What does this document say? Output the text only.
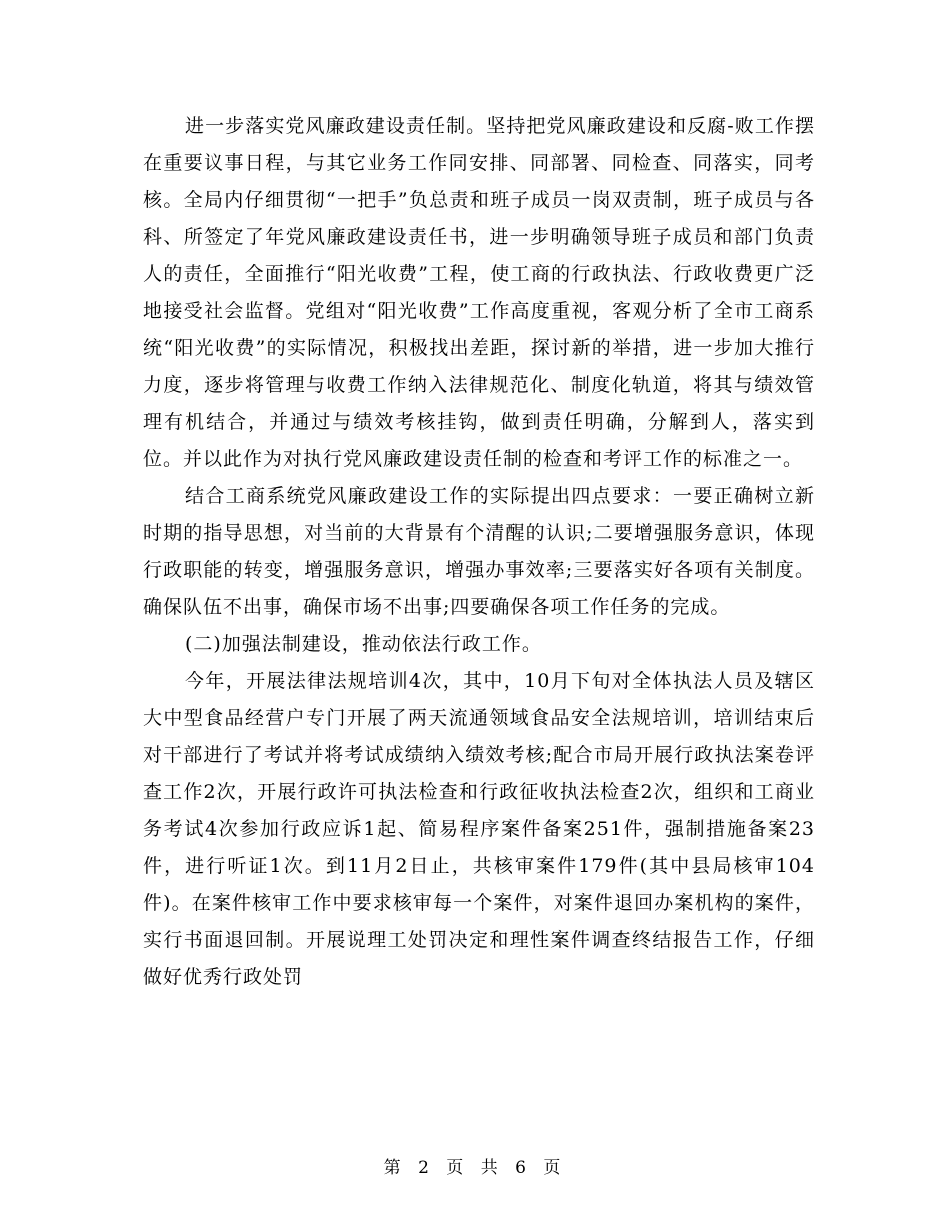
进一步落实党风廉政建设责任制。坚持把党风廉政建设和反腐-败工作摆在重要议事日程，与其它业务工作同安排、同部署、同检查、同落实，同考核。全局内仔细贯彻“一把手”负总责和班子成员一岗双责制，班子成员与各科、所签定了年党风廉政建设责任书，进一步明确领导班子成员和部门负责人的责任，全面推行“阳光收费”工程，使工商的行政执法、行政收费更广泛地接受社会监督。党组对“阳光收费”工作高度重视，客观分析了全市工商系统“阳光收费”的实际情况，积极找出差距，探讨新的举措，进一步加大推行力度，逐步将管理与收费工作纳入法律规范化、制度化轨道，将其与绩效管理有机结合，并通过与绩效考核挂钩，做到责任明确，分解到人，落实到位。并以此作为对执行党风廉政建设责任制的检查和考评工作的标准之一。

结合工商系统党风廉政建设工作的实际提出四点要求：一要正确树立新时期的指导思想，对当前的大背景有个清醒的认识;二要增强服务意识，体现行政职能的转变，增强服务意识，增强办事效率;三要落实好各项有关制度。确保队伍不出事，确保市场不出事;四要确保各项工作任务的完成。

(二)加强法制建设，推动依法行政工作。

今年，开展法律法规培训4次，其中，10月下旬对全体执法人员及辖区大中型食品经营户专门开展了两天流通领域食品安全法规培训，培训结束后对干部进行了考试并将考试成绩纳入绩效考核;配合市局开展行政执法案卷评查工作2次，开展行政许可执法检查和行政征收执法检查2次，组织和工商业务考试4次参加行政应诉1起、简易程序案件备案251件，强制措施备案23件，进行听证1次。到11月2日止，共核审案件179件(其中县局核审104件)。在案件核审工作中要求核审每一个案件，对案件退回办案机构的案件，实行书面退回制。开展说理工处罚决定和理性案件调查终结报告工作，仔细做好优秀行政处罚

第 2 页 共 6 页
